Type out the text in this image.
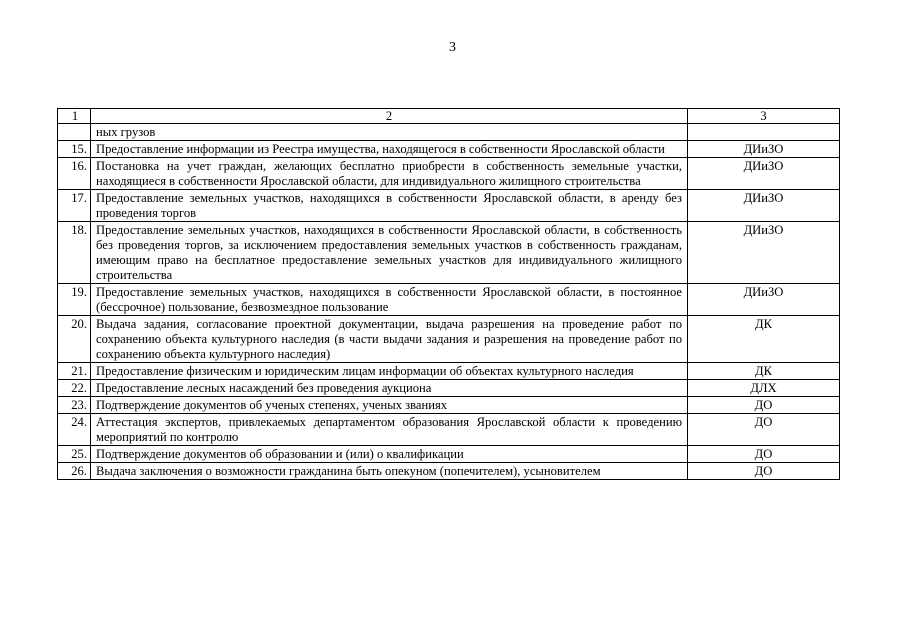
3
1	2	3
	ных грузов	
15.	Предоставление информации из Реестра имущества, находящегося в собственности Ярославской области	ДИиЗО
16.	Постановка на учет граждан, желающих бесплатно приобрести в собственность земельные участки, находящиеся в собственности Ярославской области, для индивидуального жилищного строительства	ДИиЗО
17.	Предоставление земельных участков, находящихся в собственности Ярославской области, в аренду без проведения торгов	ДИиЗО
18.	Предоставление земельных участков, находящихся в собственности Ярославской области, в собственность без проведения торгов, за исключением предоставления земельных участков в собственность гражданам, имеющим право на бесплатное предоставление земельных участков для индивидуального жилищного строительства	ДИиЗО
19.	Предоставление земельных участков, находящихся в собственности Ярославской области, в постоянное (бессрочное) пользование, безвозмездное пользование	ДИиЗО
20.	Выдача задания, согласование проектной документации, выдача разрешения на проведение работ по сохранению объекта культурного наследия (в части выдачи задания и разрешения на проведение работ по сохранению объекта культурного наследия)	ДК
21.	Предоставление физическим и юридическим лицам информации об объектах культурного наследия	ДК
22.	Предоставление лесных насаждений без проведения аукциона	ДЛХ
23.	Подтверждение документов об ученых степенях, ученых званиях	ДО
24.	Аттестация экспертов, привлекаемых департаментом образования Ярославской области к проведению мероприятий по контролю	ДО
25.	Подтверждение документов об образовании и (или) о квалификации	ДО
26.	Выдача заключения о возможности гражданина быть опекуном (попечителем), усыновителем	ДО
